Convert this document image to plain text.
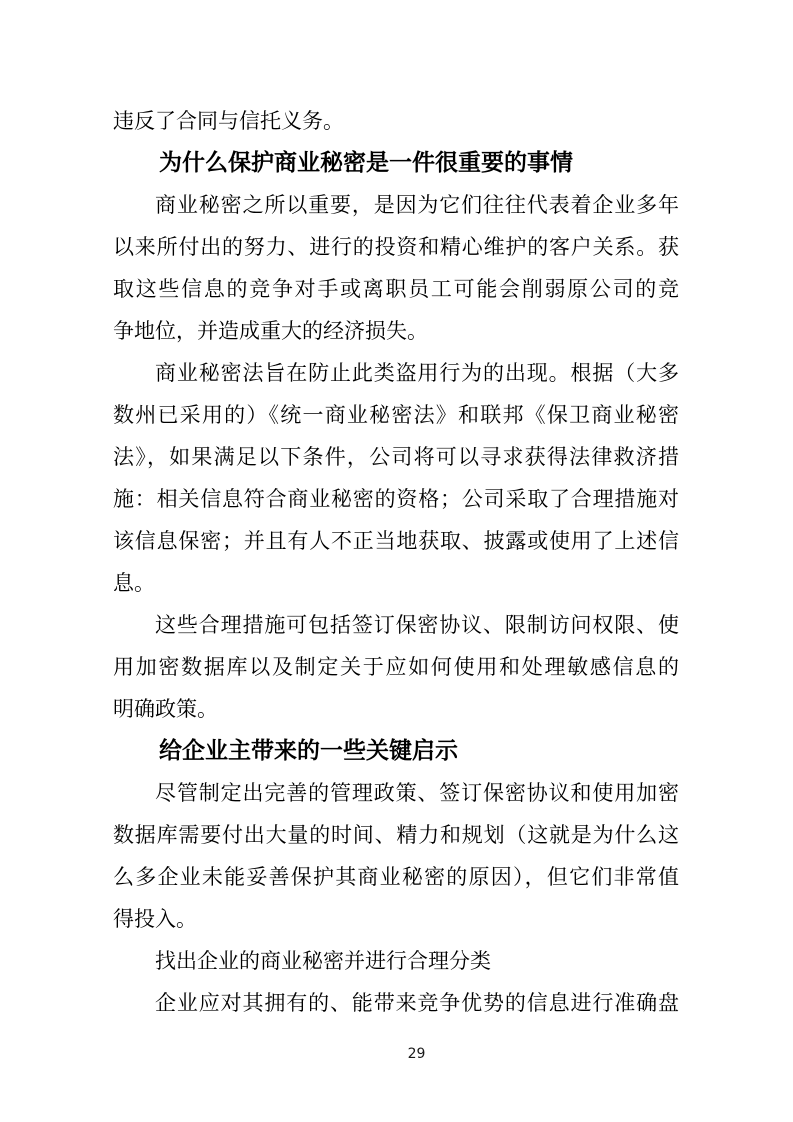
违反了合同与信托义务。
为什么保护商业秘密是一件很重要的事情
商业秘密之所以重要，是因为它们往往代表着企业多年
以来所付出的努力、进行的投资和精心维护的客户关系。获
取这些信息的竞争对手或离职员工可能会削弱原公司的竞
争地位，并造成重大的经济损失。
商业秘密法旨在防止此类盗用行为的出现。根据（大多
数州已采用的）《统一商业秘密法》和联邦《保卫商业秘密
法》，如果满足以下条件，公司将可以寻求获得法律救济措
施：相关信息符合商业秘密的资格；公司采取了合理措施对
该信息保密；并且有人不正当地获取、披露或使用了上述信
息。
这些合理措施可包括签订保密协议、限制访问权限、使
用加密数据库以及制定关于应如何使用和处理敏感信息的
明确政策。
给企业主带来的一些关键启示
尽管制定出完善的管理政策、签订保密协议和使用加密
数据库需要付出大量的时间、精力和规划（这就是为什么这
么多企业未能妥善保护其商业秘密的原因），但它们非常值
得投入。
找出企业的商业秘密并进行合理分类
企业应对其拥有的、能带来竞争优势的信息进行准确盘
29
